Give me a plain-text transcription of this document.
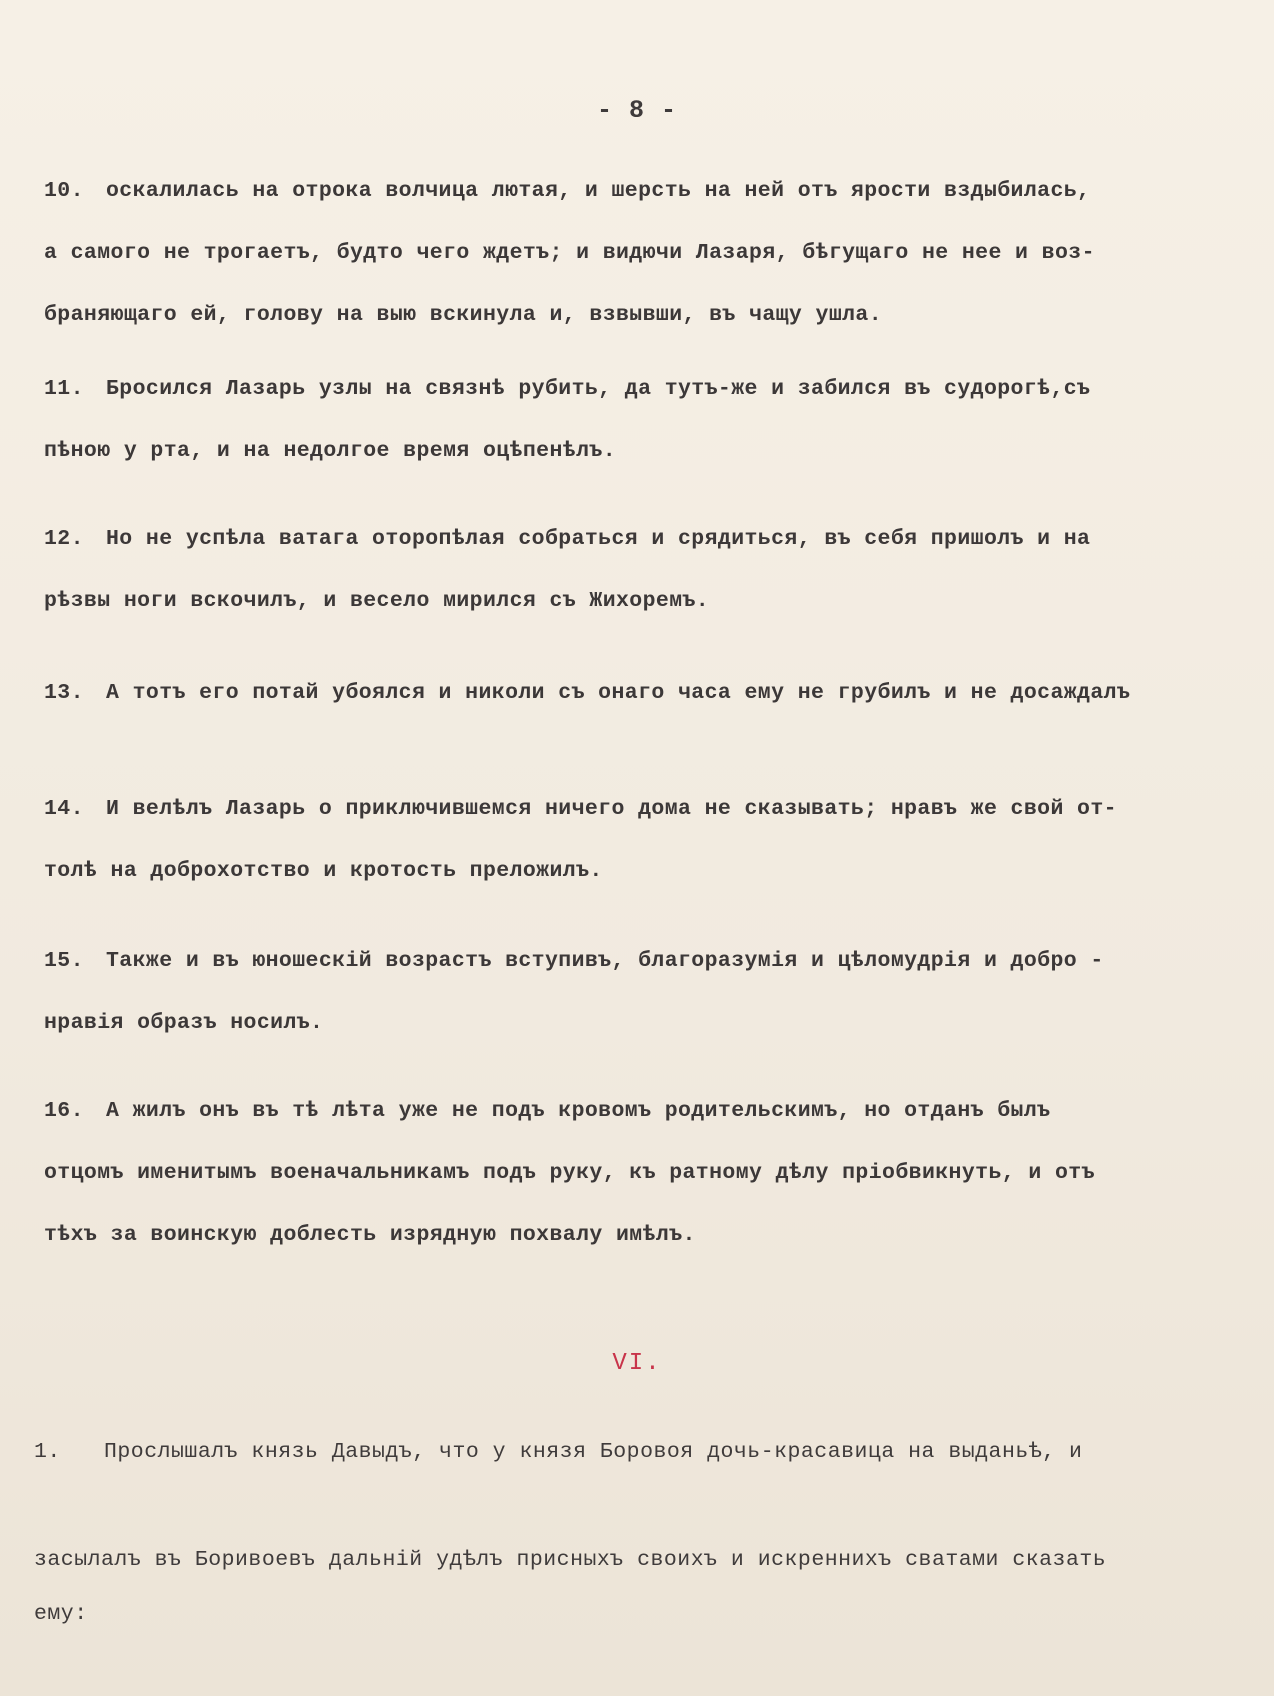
- 8 -
10. оскалилась на отрока волчица лютая, и шерсть на ней отъ ярости вздыбилась,
а самого не трогаетъ, будто чего ждетъ; и видючи Лазаря, бѣгущаго не нее и воз-
браняющаго ей, голову на выю вскинула и, взвывши, въ чащу ушла.
11. Бросился Лазарь узлы на связнѣ рубить, да тутъ-же и забился въ судорогѣ,съ
пѣною у рта, и на недолгое время оцѣпенѣлъ.
12. Но не успѣла ватага оторопѣлая собраться и срядиться, въ себя пришолъ и на
рѣзвы ноги вскочилъ, и весело мирился съ Жихоремъ.
13. А тотъ его потай убоялся и николи съ онаго часа ему не грубилъ и не досаждалъ
14. И велѣлъ Лазарь о приключившемся ничего дома не сказывать; нравъ же свой от-
толѣ на доброхотство и кротость преложилъ.
15. Также и въ юношескій возрастъ вступивъ, благоразумія и цѣломудрія и добро -
нравія образъ носилъ.
16. А жилъ онъ въ тѣ лѣта уже не подъ кровомъ родительскимъ, но отданъ былъ
отцомъ именитымъ военачальникамъ подъ руку, къ ратному дѣлу пріобвикнуть, и отъ
тѣхъ за воинскую доблесть изрядную похвалу имѣлъ.
VI.
1. Прослышалъ князь Давыдъ, что у князя Боровоя дочь-красавица на выданьѣ, и
засылалъ въ Боривоевъ дальній удѣлъ присныхъ своихъ и искреннихъ сватами сказать
ему:
